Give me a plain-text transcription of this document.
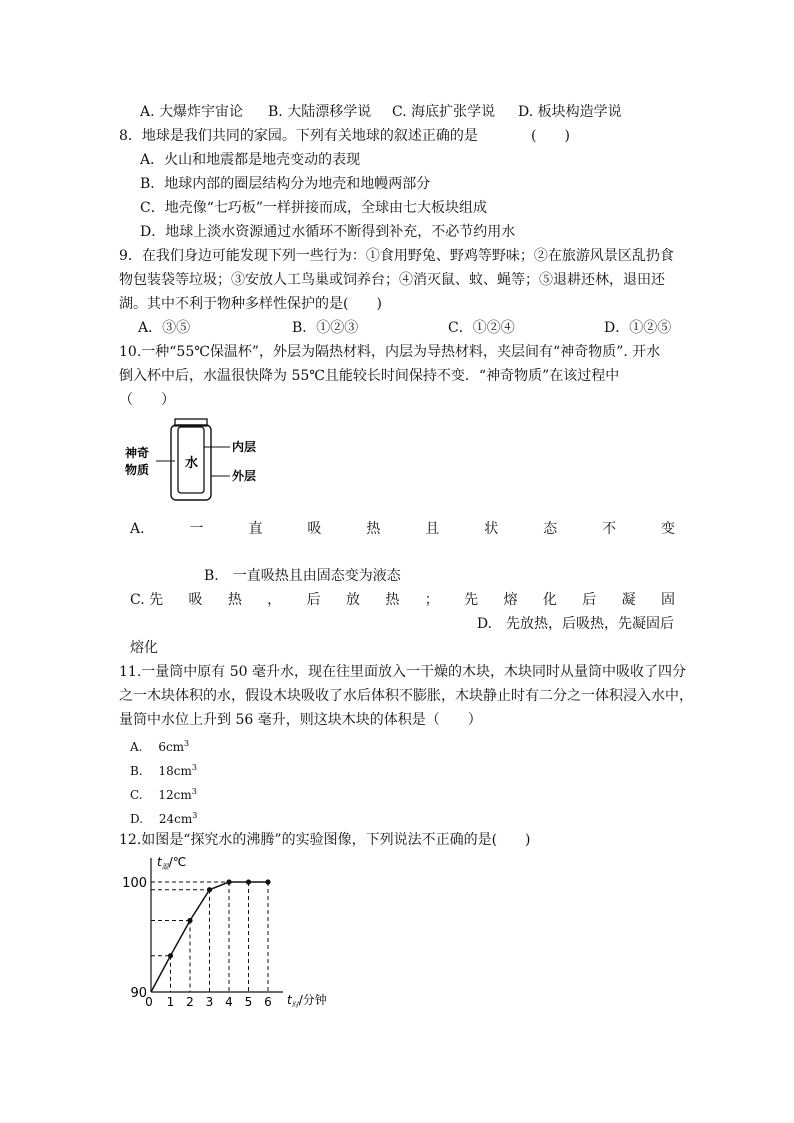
A. 大爆炸宇宙论 B. 大陆漂移学说 C. 海底扩张学说 D. 板块构造学说
8．地球是我们共同的家园。下列有关地球的叙述正确的是	(　　)
A．火山和地震都是地壳变动的表现
B．地球内部的圈层结构分为地壳和地幔两部分
C．地壳像“七巧板”一样拼接而成，全球由七大板块组成
D．地球上淡水资源通过水循环不断得到补充，不必节约用水
9．在我们身边可能发现下列一些行为：①食用野兔、野鸡等野味；②在旅游风景区乱扔食
物包装袋等垃圾；③安放人工鸟巢或饲养台；④消灭鼠、蚊、蝇等；⑤退耕还林，退田还
湖。其中不利于物种多样性保护的是(　　)
A．③⑤	B．①②③	C．①②④	D．①②⑤
10.一种“55℃保温杯”，外层为隔热材料，内层为导热材料，夹层间有“神奇物质”. 开水
倒入杯中后，水温很快降为 55℃且能较长时间保持不变．“神奇物质”在该过程中
（　　）
神奇
物质	水
内层
外层
A.	一	直	吸	热	且	状	态	不	变
B.　一直吸热且由固态变为液态
C. 先 吸 热 ， 后 放 热 ； 先 熔 化 后 凝 固
D.　先放热，后吸热，先凝固后
熔化
11.一量筒中原有 50 毫升水，现在往里面放入一干燥的木块，木块同时从量筒中吸收了四分
之一木块体积的水，假设木块吸收了水后体积不膨胀，木块静止时有二分之一体积浸入水中，
量筒中水位上升到 56 毫升，则这块木块的体积是（　　）
A. $6cm^3$
B. $18cm^3$
C. $12cm^3$
D. $24cm^3$
12.如图是“探究水的沸腾”的实验图像，下列说法不正确的是(　　)
$t_温/℃$
$t_时/$分钟
0 1 2 3 4 5 6
90
100
